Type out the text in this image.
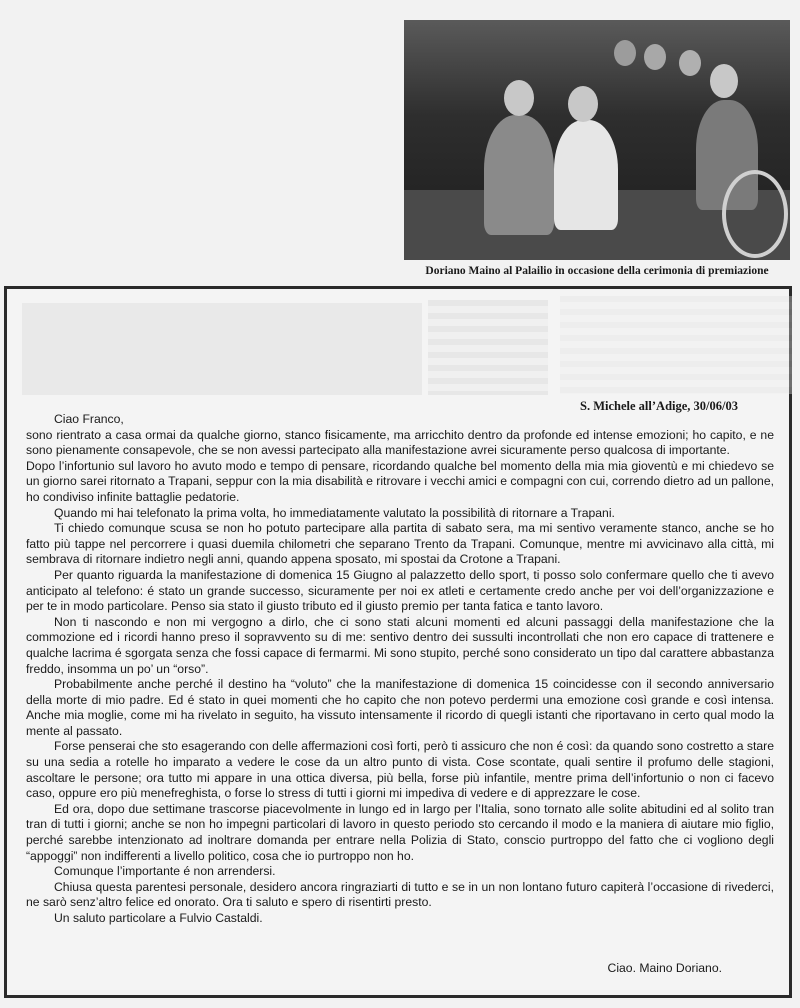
Doriano Maino al Palailio in occasione della cerimonia di premiazione
S. Michele all’Adige, 30/06/03

Ciao Franco,

sono rientrato a casa ormai da qualche giorno, stanco fisicamente, ma arricchito dentro da profonde ed intense emozioni; ho capito, e ne sono pienamente consapevole, che se non avessi partecipato alla manifestazione avrei sicuramente perso qualcosa di importante.

Dopo l’infortunio sul lavoro ho avuto modo e tempo di pensare, ricordando qualche bel momento della mia mia gioventù e mi chiedevo se un giorno sarei ritornato a Trapani, seppur con la mia disabilità e ritrovare i vecchi amici e compagni con cui, correndo dietro ad un pallone, ho condiviso infinite battaglie pedatorie.

Quando mi hai telefonato la prima volta, ho immediatamente valutato la possibilità di ritornare a Trapani.

Ti chiedo comunque scusa se non ho potuto partecipare alla partita di sabato sera, ma mi sentivo veramente stanco, anche se ho fatto più tappe nel percorrere i quasi duemila chilometri che separano Trento da Trapani. Comunque, mentre mi avvicinavo alla città, mi sembrava di ritornare indietro negli anni, quando appena sposato, mi spostai da Crotone a Trapani.

Per quanto riguarda la manifestazione di domenica 15 Giugno al palazzetto dello sport, ti posso solo confermare quello che ti avevo anticipato al telefono: é stato un grande successo, sicuramente per noi ex atleti e certamente credo anche per voi dell’organizzazione e per te in modo particolare. Penso sia stato il giusto tributo ed il giusto premio per tanta fatica e tanto lavoro.

Non ti nascondo e non mi vergogno a dirlo, che ci sono stati alcuni momenti ed alcuni passaggi della manifestazione che la commozione ed i ricordi hanno preso il sopravvento su di me: sentivo dentro dei sussulti incontrollati che non ero capace di trattenere e qualche lacrima é sgorgata senza che fossi capace di fermarmi. Mi sono stupito, perché sono considerato un tipo dal carattere abbastanza freddo, insomma un po’ un “orso”.

Probabilmente anche perché il destino ha “voluto” che la manifestazione di domenica 15 coincidesse con il secondo anniversario della morte di mio padre. Ed é stato in quei momenti che ho capito che non potevo perdermi una emozione così grande e così intensa. Anche mia moglie, come mi ha rivelato in seguito, ha vissuto intensamente il ricordo di quegli istanti che riportavano in certo qual modo la mente al passato.

Forse penserai che sto esagerando con delle affermazioni così forti, però ti assicuro che non é così: da quando sono costretto a stare su una sedia a rotelle ho imparato a vedere le cose da un altro punto di vista. Cose scontate, quali sentire il profumo delle stagioni, ascoltare le persone; ora tutto mi appare in una ottica diversa, più bella, forse più infantile, mentre prima dell’infortunio o non ci facevo caso, oppure ero più menefreghista, o forse lo stress di tutti i giorni mi impediva di vedere e di apprezzare le cose.

Ed ora, dopo due settimane trascorse piacevolmente in lungo ed in largo per l’Italia, sono tornato alle solite abitudini ed al solito tran tran di tutti i giorni; anche se non ho impegni particolari di lavoro in questo periodo sto cercando il modo e la maniera di aiutare mio figlio, perché sarebbe intenzionato ad inoltrare domanda per entrare nella Polizia di Stato, conscio purtroppo del fatto che ci vogliono degli “appoggi” non indifferenti a livello politico, cosa che io purtroppo non ho.

Comunque l’importante é non arrendersi.

Chiusa questa parentesi personale, desidero ancora ringraziarti di tutto e se in un non lontano futuro capiterà l’occasione di rivederci, ne sarò senz’altro felice ed onorato. Ora ti saluto e spero di risentirti presto.

Un saluto particolare a Fulvio Castaldi.

Ciao. Maino Doriano.
